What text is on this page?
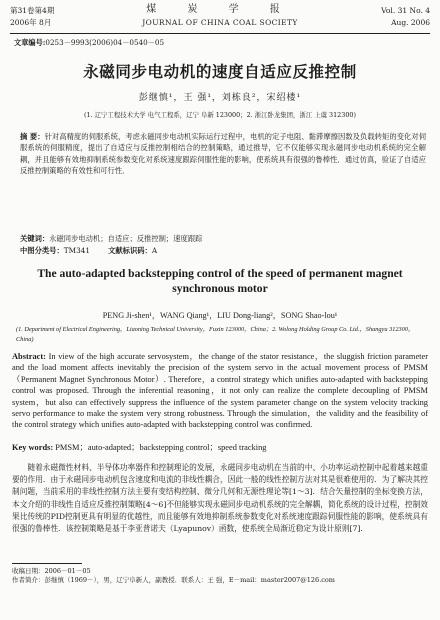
第31卷第4期
2006年 8月
煤 炭 学 报
JOURNAL OF CHINA COAL SOCIETY
Vol. 31 No. 4
Aug. 2006
文章编号:0253－9993(2006)04－0540－05
永磁同步电动机的速度自适应反推控制
彭继慎¹，王 强¹，刘栋良²，宋绍楼¹
(1. 辽宁工程技术大学 电气工程系，辽宁 阜新 123000；2. 浙江卧龙集团，浙江 上虞 312300)
摘 要：针对高精度的伺服系统，考虑永磁同步电动机实际运行过程中，电机的定子电阻、黏滞摩擦因数及负载转矩的变化对伺服系统的伺服精度，提出了自适应与反推控制相结合的控制策略，通过推导，它不仅能够实现永磁同步电动机系统的完全解耦，并且能够有效地抑制系统参数变化对系统速度跟踪伺服性能的影响，使系统具有很强的鲁棒性．通过仿真，验证了自适应反推控制策略的有效性和可行性．
关键词：永磁同步电动机；自适应；反推控制；速度跟踪
中图分类号：TM341 文献标识码：A
The auto-adapted backstepping control of the speed of permanent magnet synchronous motor
PENG Ji-shen¹，WANG Qiang¹，LIU Dong-liang²，SONG Shao-lou¹
(1. Department of Electrical Engineering，Liaoning Technical University，Fuxin 123000，China；2. Wolong Holding Group Co. Ltd.，Shangyu 312300，China)
Abstract: In view of the high accurate servosystem，the change of the stator resistance，the sluggish friction parameter and the load moment affects inevitably the precision of the system servo in the actual movement process of PMSM（Permanent Magnet Synchronous Motor）. Therefore，a control strategy which unifies auto-adapted with backstepping control was proposed. Through the inferential reasoning，it not only can realize the complete decoupling of PMSM system，but also can effectively suppress the influence of the system parameter change on the system velocity tracking servo performance to make the system very strong robustness. Through the simulation，the validity and the feasibility of the control strategy which unifies auto-adapted with backstepping control was confirmed.
Key words: PMSM；auto-adapted；backstepping control；speed tracking
随着永磁微性材料、半导体功率器件和控制理论的发展，永磁同步电动机在当前的中、小功率运动控制中起着越来越重要的作用．由于永磁同步电动机包含速度和电流的非线性耦合，因此一般的线性控制方法对其是很难使用的．为了解决其控制问题，当前采用的非线性控制方法主要有变结构控制、微分几何和无源性理论等[1～3]．结合矢量控制的坐标变换方法，本文介绍的非线性自适应反推控制策略[4～6]不但能够实现永磁同步电动机系统的完全解耦，简化系统的设计过程，控制效果比传统的PID控制更具有明显的优越性，而且能够有效地抑制系统参数变化对系统速度跟踪伺服性能的影响，使系统具有很强的鲁棒性．该控制策略是基于李亚普诺夫（Lyapunov）函数，使系统全局渐近稳定为设计原则[7]．
收稿日期：2006－01－05
作者简介：彭继慎（1969－），男，辽宁阜新人，副教授．联系人：王 强，E－mail：master2007@126.com
